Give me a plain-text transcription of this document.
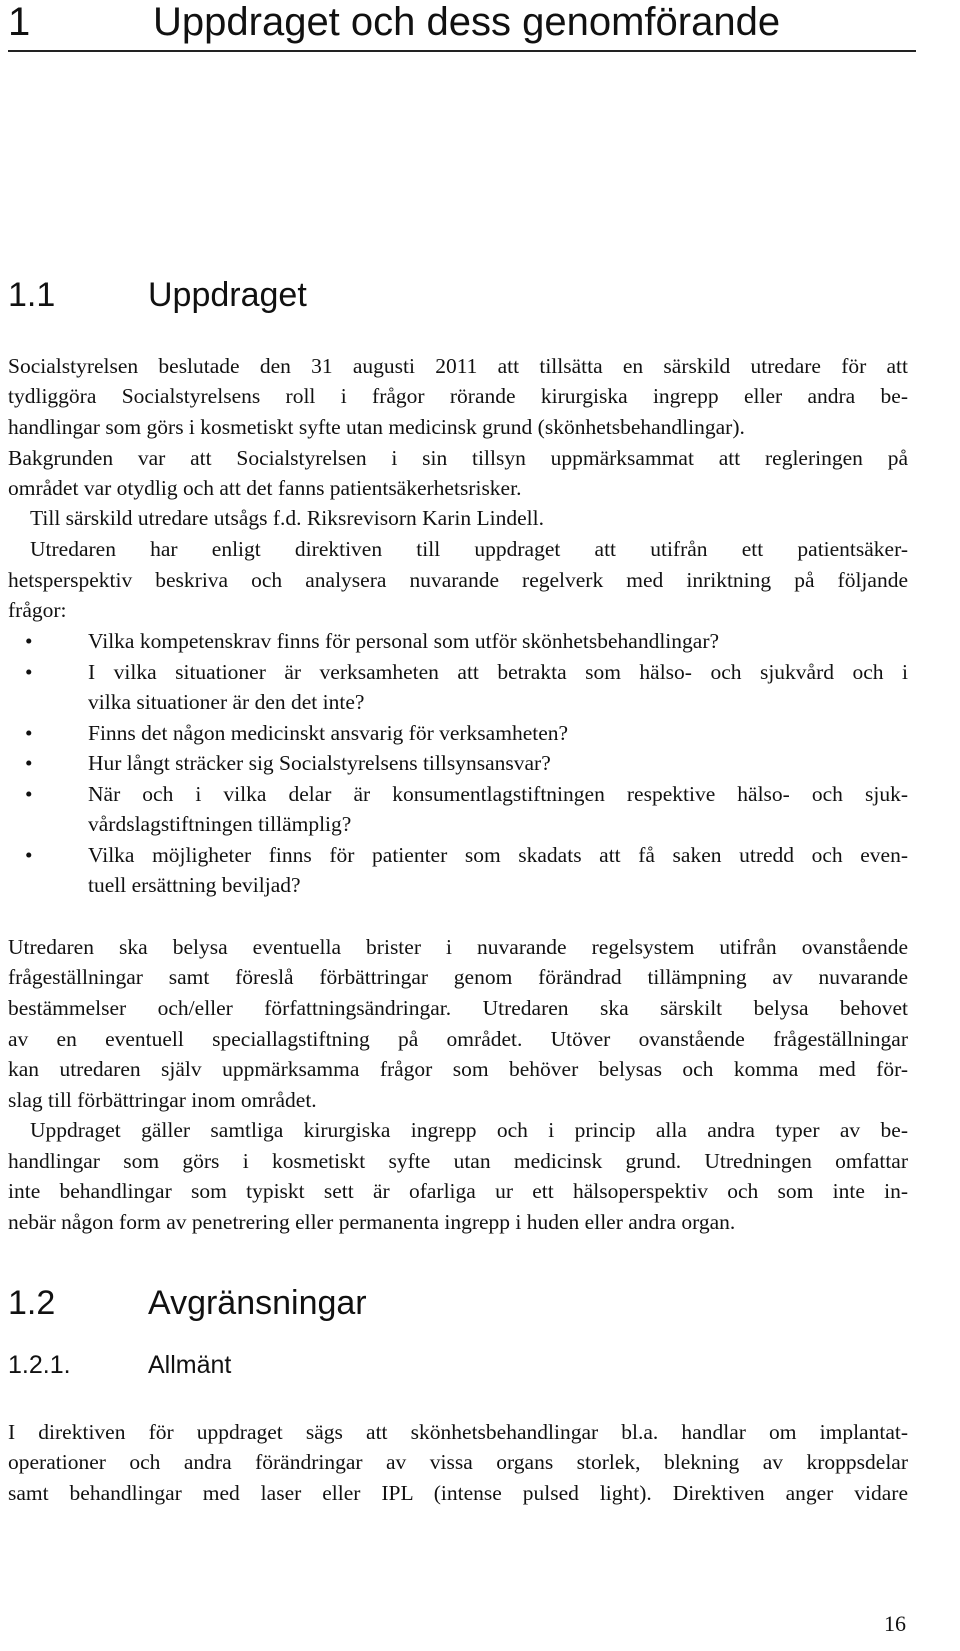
1	Uppdraget och dess genomförande
1.1	Uppdraget
Socialstyrelsen beslutade den 31 augusti 2011 att tillsätta en särskild utredare för att
tydliggöra Socialstyrelsens roll i frågor rörande kirurgiska ingrepp eller andra be-
handlingar som görs i kosmetiskt syfte utan medicinsk grund (skönhetsbehandlingar).
Bakgrunden var att Socialstyrelsen i sin tillsyn uppmärksammat att regleringen på
området var otydlig och att det fanns patientsäkerhetsrisker.
Till särskild utredare utsågs f.d. Riksrevisorn Karin Lindell.
Utredaren har enligt direktiven till uppdraget att utifrån ett patientsäker-
hetsperspektiv beskriva och analysera nuvarande regelverk med inriktning på följande
frågor:
•	Vilka kompetenskrav finns för personal som utför skönhetsbehandlingar?
•	I vilka situationer är verksamheten att betrakta som hälso- och sjukvård och i
vilka situationer är den det inte?
•	Finns det någon medicinskt ansvarig för verksamheten?
•	Hur långt sträcker sig Socialstyrelsens tillsynsansvar?
•	När och i vilka delar är konsumentlagstiftningen respektive hälso- och sjuk-
vårdslagstiftningen tillämplig?
•	Vilka möjligheter finns för patienter som skadats att få saken utredd och even-
tuell ersättning beviljad?
Utredaren ska belysa eventuella brister i nuvarande regelsystem utifrån ovanstående
frågeställningar samt föreslå förbättringar genom förändrad tillämpning av nuvarande
bestämmelser och/eller författningsändringar. Utredaren ska särskilt belysa behovet
av en eventuell speciallagstiftning på området. Utöver ovanstående frågeställningar
kan utredaren själv uppmärksamma frågor som behöver belysas och komma med för-
slag till förbättringar inom området.
Uppdraget gäller samtliga kirurgiska ingrepp och i princip alla andra typer av be-
handlingar som görs i kosmetiskt syfte utan medicinsk grund. Utredningen omfattar
inte behandlingar som typiskt sett är ofarliga ur ett hälsoperspektiv och som inte in-
nebär någon form av penetrering eller permanenta ingrepp i huden eller andra organ.
1.2	Avgränsningar
1.2.1.	Allmänt
I direktiven för uppdraget sägs att skönhetsbehandlingar bl.a. handlar om implantat-
operationer och andra förändringar av vissa organs storlek, blekning av kroppsdelar
samt behandlingar med laser eller IPL (intense pulsed light). Direktiven anger vidare
16
